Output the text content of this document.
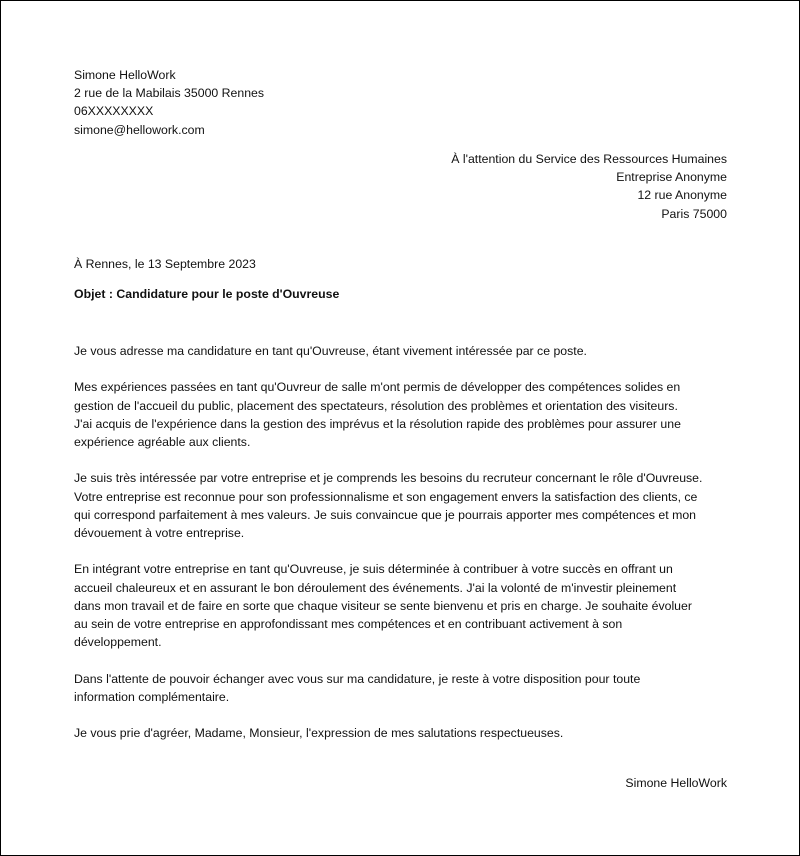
Simone HelloWork
2 rue de la Mabilais 35000 Rennes
06XXXXXXXX
simone@hellowork.com
À l'attention du Service des Ressources Humaines
Entreprise Anonyme
12 rue Anonyme
Paris 75000
À Rennes, le 13 Septembre 2023
Objet : Candidature pour le poste d'Ouvreuse
Je vous adresse ma candidature en tant qu'Ouvreuse, étant vivement intéressée par ce poste.
Mes expériences passées en tant qu'Ouvreur de salle m'ont permis de développer des compétences solides en
gestion de l'accueil du public, placement des spectateurs, résolution des problèmes et orientation des visiteurs.
J'ai acquis de l'expérience dans la gestion des imprévus et la résolution rapide des problèmes pour assurer une
expérience agréable aux clients.
Je suis très intéressée par votre entreprise et je comprends les besoins du recruteur concernant le rôle d'Ouvreuse.
Votre entreprise est reconnue pour son professionnalisme et son engagement envers la satisfaction des clients, ce
qui correspond parfaitement à mes valeurs. Je suis convaincue que je pourrais apporter mes compétences et mon
dévouement à votre entreprise.
En intégrant votre entreprise en tant qu'Ouvreuse, je suis déterminée à contribuer à votre succès en offrant un
accueil chaleureux et en assurant le bon déroulement des événements. J'ai la volonté de m'investir pleinement
dans mon travail et de faire en sorte que chaque visiteur se sente bienvenu et pris en charge. Je souhaite évoluer
au sein de votre entreprise en approfondissant mes compétences et en contribuant activement à son
développement.
Dans l'attente de pouvoir échanger avec vous sur ma candidature, je reste à votre disposition pour toute
information complémentaire.
Je vous prie d'agréer, Madame, Monsieur, l'expression de mes salutations respectueuses.
Simone HelloWork
